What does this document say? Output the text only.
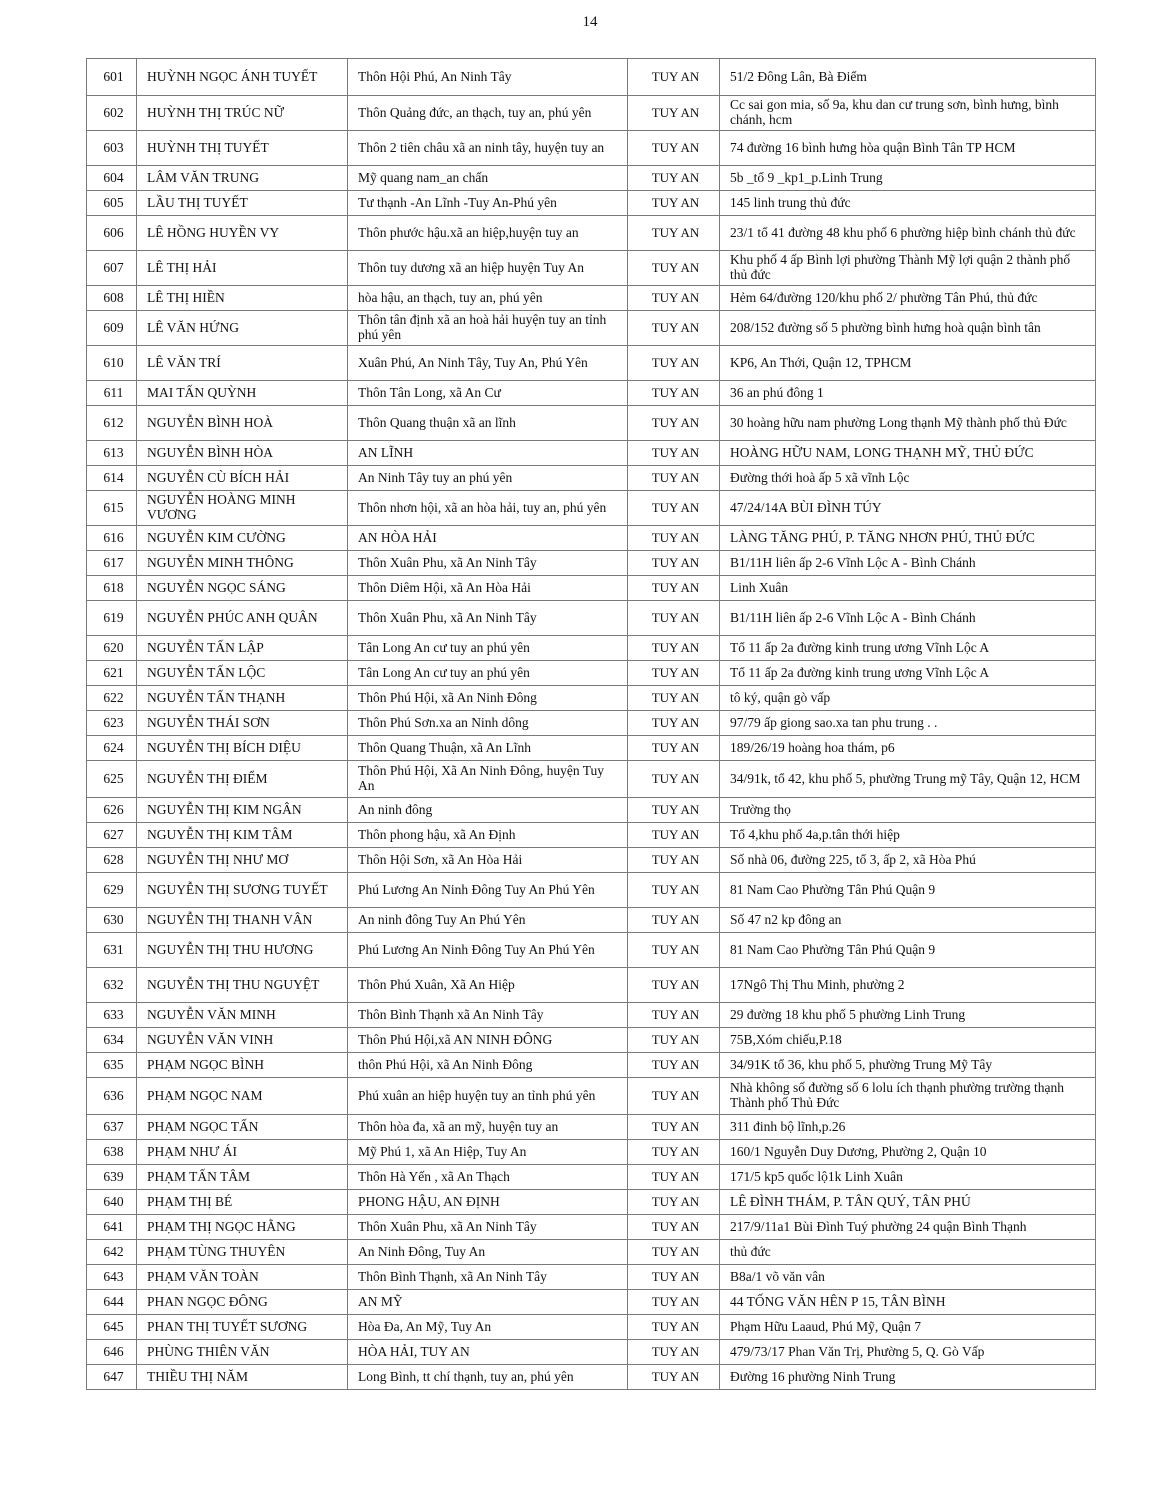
14
601	HUỲNH NGỌC ÁNH TUYẾT	Thôn Hội Phú, An Ninh Tây	TUY AN	51/2 Đông Lân, Bà Điểm
602	HUỲNH THỊ TRÚC NỮ	Thôn Quảng đức, an thạch, tuy an, phú yên	TUY AN	Cc sai gon mia, số 9a, khu dan cư trung sơn, bình hưng, bình chánh, hcm
603	HUỲNH THỊ TUYẾT	Thôn 2 tiên châu xã an ninh tây, huyện tuy an	TUY AN	74 đường 16 bình hưng hòa quận Bình Tân TP HCM
604	LÂM VĂN TRUNG	Mỹ quang nam_an chấn	TUY AN	5b _tổ 9 _kp1_p.Linh Trung
605	LẦU THỊ TUYẾT	Tư thạnh -An Lĩnh -Tuy An-Phú yên	TUY AN	145 linh trung thủ đức
606	LÊ HỒNG HUYỀN VY	Thôn phước hậu.xã an hiệp,huyện tuy an	TUY AN	23/1 tổ 41 đường 48 khu phố 6 phường hiệp bình chánh thủ đức
607	LÊ THỊ HẢI	Thôn tuy dương xã an hiệp huyện Tuy An	TUY AN	Khu phố 4 ấp Bình lợi phường Thành Mỹ lợi quận 2 thành phố thủ đức
608	LÊ THỊ HIỀN	hòa hậu, an thạch, tuy an, phú yên	TUY AN	Hẻm 64/đường 120/khu phố 2/ phường Tân Phú, thủ đức
609	LÊ VĂN HỨNG	Thôn tân định xã an hoà hải huyện tuy an tỉnh phú yên	TUY AN	208/152 đường số 5 phường bình hưng hoà quận bình tân
610	LÊ VĂN TRÍ	Xuân Phú, An Ninh Tây, Tuy An, Phú Yên	TUY AN	KP6, An Thới, Quận 12, TPHCM
611	MAI TẤN QUỲNH	Thôn Tân Long, xã An Cư	TUY AN	36 an phú đông 1
612	NGUYỄN BÌNH HOÀ	Thôn Quang thuận xã an lĩnh	TUY AN	30 hoàng hữu nam phường Long thạnh Mỹ thành phố thủ Đức
613	NGUYỄN BÌNH HÒA	AN LĨNH	TUY AN	HOÀNG HỮU NAM, LONG THẠNH MỸ, THỦ ĐỨC
614	NGUYỄN CÙ BÍCH HẢI	An Ninh Tây tuy an phú yên	TUY AN	Đường thới hoà ấp 5 xã vĩnh Lộc
615	NGUYỄN HOÀNG MINH VƯƠNG	Thôn nhơn hội, xã an hòa hải, tuy an, phú yên	TUY AN	47/24/14A BÙI ĐÌNH TÚY
616	NGUYỄN KIM CƯỜNG	AN HÒA HẢI	TUY AN	LÀNG TĂNG PHÚ, P. TĂNG NHƠN PHÚ, THỦ ĐỨC
617	NGUYỄN MINH THÔNG	Thôn Xuân Phu, xã An Ninh Tây	TUY AN	B1/11H liên ấp 2-6 Vĩnh Lộc A - Bình Chánh
618	NGUYỄN NGỌC SÁNG	Thôn Diêm Hội, xã An Hòa Hải	TUY AN	Linh Xuân
619	NGUYỄN PHÚC ANH QUÂN	Thôn Xuân Phu, xã An Ninh Tây	TUY AN	B1/11H liên ấp 2-6 Vĩnh Lộc A - Bình Chánh
620	NGUYỄN TẤN LẬP	Tân Long An cư tuy an phú yên	TUY AN	Tổ 11 ấp 2a đường kinh trung ương Vĩnh Lộc A
621	NGUYỄN TẤN LỘC	Tân Long An cư tuy an phú yên	TUY AN	Tổ 11 ấp 2a đường kinh trung ương Vĩnh Lộc A
622	NGUYỄN TẤN THẠNH	Thôn Phú Hội, xã An Ninh Đông	TUY AN	tô ký, quận gò vấp
623	NGUYỄN THÁI SƠN	Thôn Phú Sơn.xa an Ninh dông	TUY AN	97/79 ấp giong sao.xa tan phu trung . .
624	NGUYỄN THỊ BÍCH DIỆU	Thôn Quang Thuận, xã An Lĩnh	TUY AN	189/26/19 hoàng hoa thám, p6
625	NGUYỄN THỊ ĐIỂM	Thôn Phú Hội, Xã An Ninh Đông, huyện Tuy An	TUY AN	34/91k, tổ 42, khu phố 5, phường Trung mỹ Tây, Quận 12, HCM
626	NGUYỄN THỊ KIM NGÂN	An ninh đông	TUY AN	Trường thọ
627	NGUYỄN THỊ KIM TÂM	Thôn phong hậu, xã An Định	TUY AN	Tổ 4,khu phố 4a,p.tân thới hiệp
628	NGUYỄN THỊ NHƯ MƠ	Thôn Hội Sơn, xã An Hòa Hải	TUY AN	Số nhà 06, đường 225, tổ 3, ấp 2, xã Hòa Phú
629	NGUYỄN THỊ SƯƠNG TUYẾT	Phú Lương An Ninh Đông Tuy An Phú Yên	TUY AN	81 Nam Cao Phường Tân Phú Quận 9
630	NGUYỄN THỊ THANH VÂN	An ninh đông Tuy An Phú Yên	TUY AN	Số 47 n2 kp đông an
631	NGUYỄN THỊ THU HƯƠNG	Phú Lương An Ninh Đông Tuy An Phú Yên	TUY AN	81 Nam Cao Phường Tân Phú Quận 9
632	NGUYỄN THỊ THU NGUYỆT	Thôn Phú Xuân, Xã An Hiệp	TUY AN	17Ngô Thị Thu Minh, phường 2
633	NGUYỄN VĂN MINH	Thôn Bình Thạnh xã An Ninh Tây	TUY AN	29 đường 18 khu phố 5 phường Linh Trung
634	NGUYỄN VĂN VINH	Thôn Phú Hội,xã AN NINH ĐÔNG	TUY AN	75B,Xóm chiếu,P.18
635	PHẠM NGỌC BÌNH	thôn Phú Hội, xã An Ninh Đông	TUY AN	34/91K tổ 36, khu phố 5, phường Trung Mỹ Tây
636	PHẠM NGỌC NAM	Phú xuân an hiệp huyện tuy an tỉnh phú yên	TUY AN	Nhà không số đường số 6 lolu ích thạnh phường trường thạnh Thành phố Thủ Đức
637	PHẠM NGỌC TẤN	Thôn hòa đa, xã an mỹ, huyện tuy an	TUY AN	311 đinh bộ lĩnh,p.26
638	PHẠM NHƯ ÁI	Mỹ Phú 1, xã An Hiệp, Tuy An	TUY AN	160/1 Nguyễn Duy Dương, Phường 2, Quận 10
639	PHẠM TẤN TÂM	Thôn Hà Yến , xã An Thạch	TUY AN	171/5 kp5 quốc lộ1k Linh Xuân
640	PHẠM THỊ BÉ	PHONG HẬU, AN ĐỊNH	TUY AN	LÊ ĐÌNH THÁM, P. TÂN QUÝ, TÂN PHÚ
641	PHẠM THỊ NGỌC HẰNG	Thôn Xuân Phu, xã An Ninh Tây	TUY AN	217/9/11a1 Bùi Đình Tuý phường 24 quận Bình Thạnh
642	PHẠM TÙNG THUYÊN	An Ninh Đông, Tuy An	TUY AN	thủ đức
643	PHẠM VĂN TOÀN	Thôn Bình Thạnh, xã An Ninh Tây	TUY AN	B8a/1 võ văn vân
644	PHAN NGỌC ĐÔNG	AN MỸ	TUY AN	44 TỐNG VĂN HÊN P 15, TÂN BÌNH
645	PHAN THỊ TUYẾT SƯƠNG	Hòa Đa, An Mỹ, Tuy An	TUY AN	Phạm Hữu Laaud, Phú Mỹ, Quận 7
646	PHÙNG THIÊN VĂN	HÒA HẢI, TUY AN	TUY AN	479/73/17 Phan Văn Trị, Phường 5, Q. Gò Vấp
647	THIỀU THỊ NĂM	Long Bình, tt chí thạnh, tuy an, phú yên	TUY AN	Đường 16 phường Ninh Trung
